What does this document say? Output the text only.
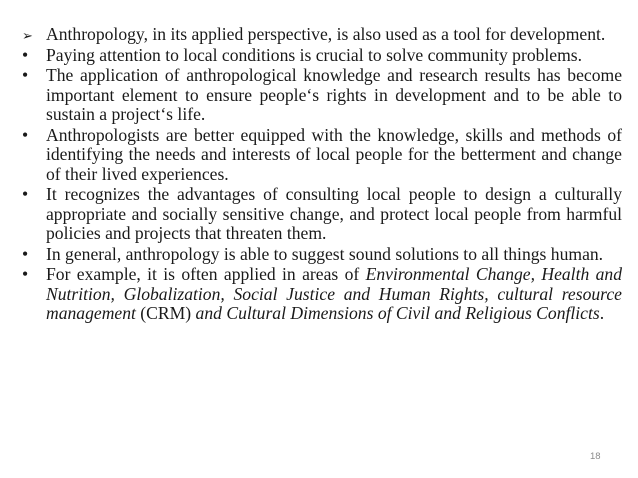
➢ Anthropology, in its applied perspective, is also used as a tool for development.
•	Paying attention to local conditions is crucial to solve community problems.
•	The application of anthropological knowledge and research results has become important element to ensure people‘s rights in development and to be able to sustain a project‘s life.
•	Anthropologists are better equipped with the knowledge, skills and methods of identifying the needs and interests of local people for the betterment and change of their lived experiences.
•	It recognizes the advantages of consulting local people to design a culturally appropriate and socially sensitive change, and protect local people from harmful policies and projects that threaten them.
•	In general, anthropology is able to suggest sound solutions to all things human.
•	For example, it is often applied in areas of Environmental Change, Health and Nutrition, Globalization, Social Justice and Human Rights, cultural resource management (CRM) and Cultural Dimensions of Civil and Religious Conflicts.
18
